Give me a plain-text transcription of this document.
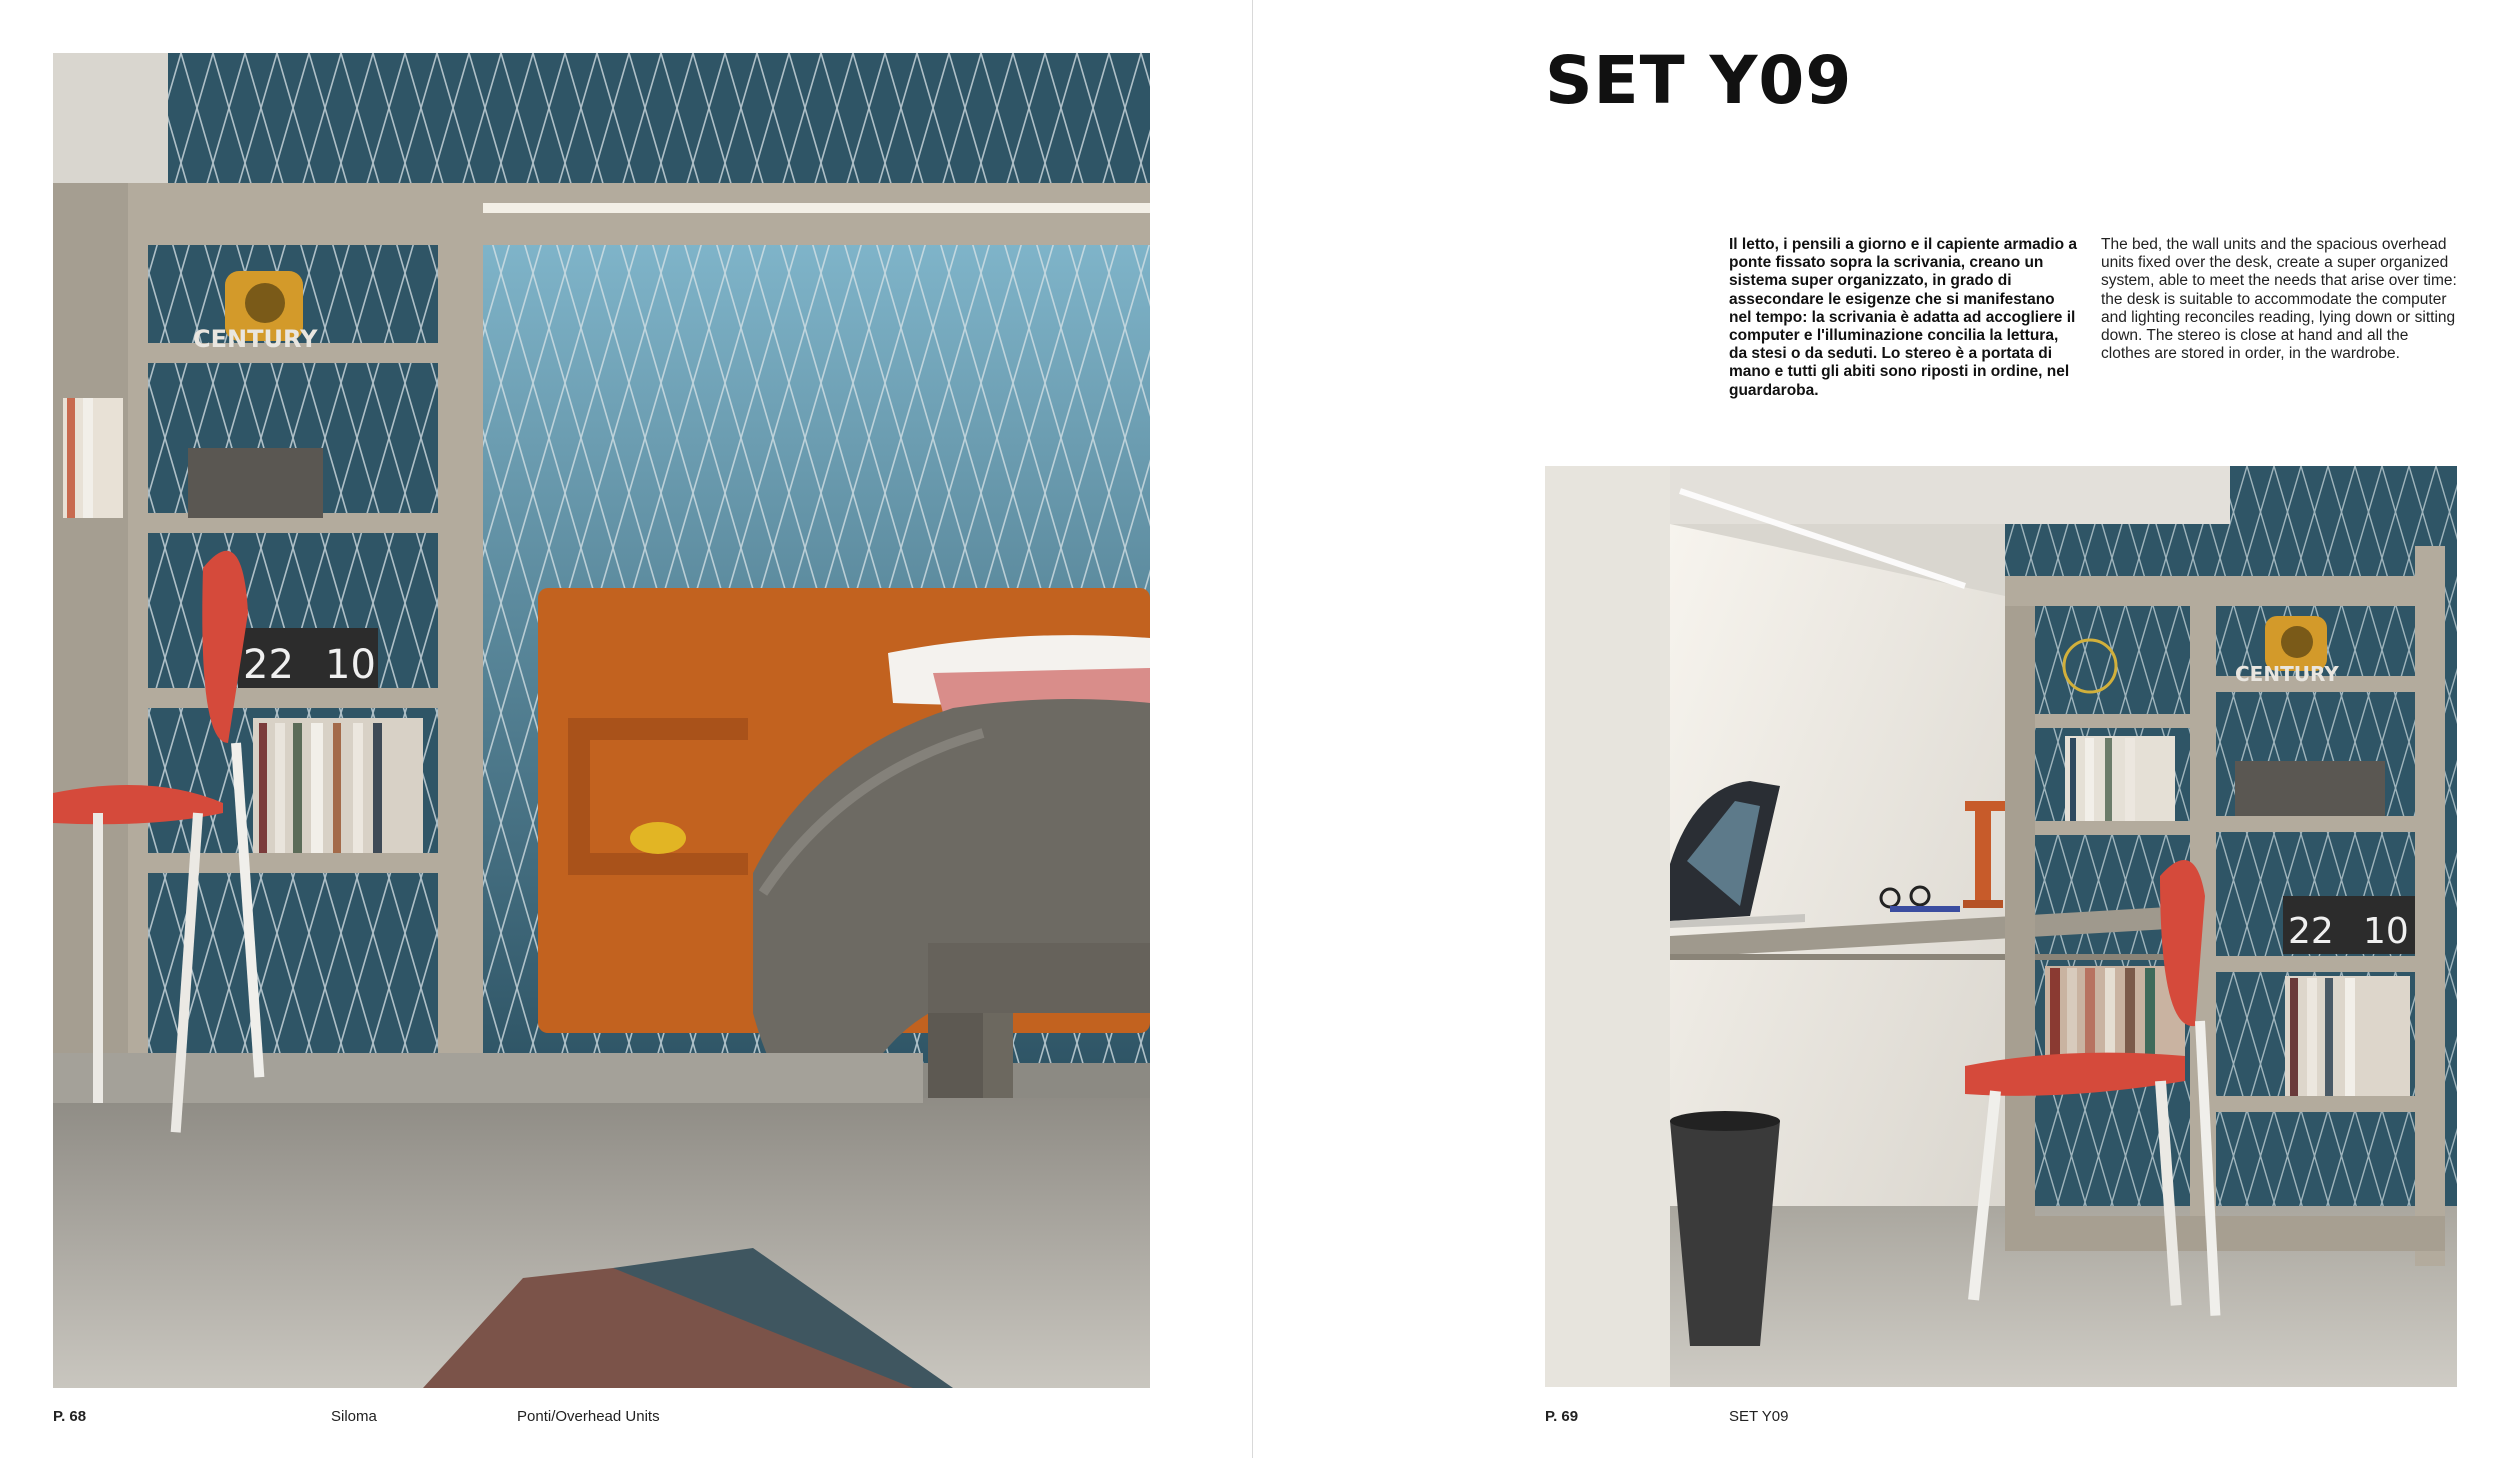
CENTURY
22 10

P. 68	Siloma	Ponti/Overhead Units

SET Y09

Il letto, i pensili a giorno e il capiente armadio a ponte fissato sopra la scrivania, creano un sistema super organizzato, in grado di assecondare le esigenze che si manifestano nel tempo: la scrivania è adatta ad accogliere il computer e l'illuminazione concilia la lettura, da stesi o da seduti. Lo stereo è a portata di mano e tutti gli abiti sono riposti in ordine, nel guardaroba.

The bed, the wall units and the spacious overhead units fixed over the desk, create a super organized system, able to meet the needs that arise over time: the desk is suitable to accommodate the computer and lighting reconciles reading, lying down or sitting down. The stereo is close at hand and all the clothes are stored in order, in the wardrobe.

CENTURY
22 10

P. 69	SET Y09
